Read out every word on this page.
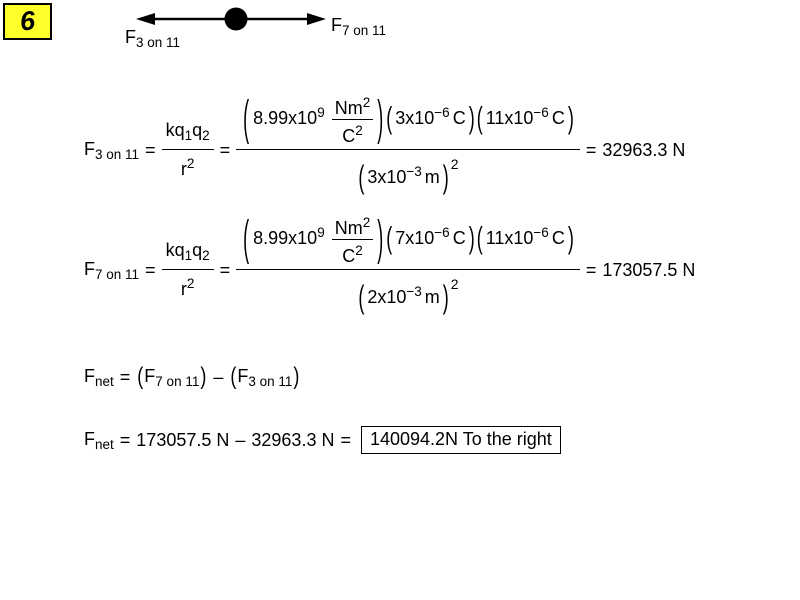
6
$F_{3 on 11}$
$F_{7 on 11}$
$F_{3 on 11} = \frac{kq_1q_2}{r^2} = \frac{( 8.99x10^9 \frac{Nm^2}{C^2} ) ( 3x10^{-6} C ) ( 11x10^{-6} C )}{( 3x10^{-3} m ) ^2} = 32963.3$ N
$F_{7 on 11} = \frac{kq_1q_2}{r^2} = \frac{( 8.99x10^9 \frac{Nm^2}{C^2} ) ( 7x10^{-6} C ) ( 11x10^{-6} C )}{( 2x10^{-3} m ) ^2} = 173057.5$ N
$F_{net} = (F_{7 on 11}) - (F_{3 on 11})$
$F_{net} = 173057.5$ N – 32963.3 N =	140094.2N To the right
